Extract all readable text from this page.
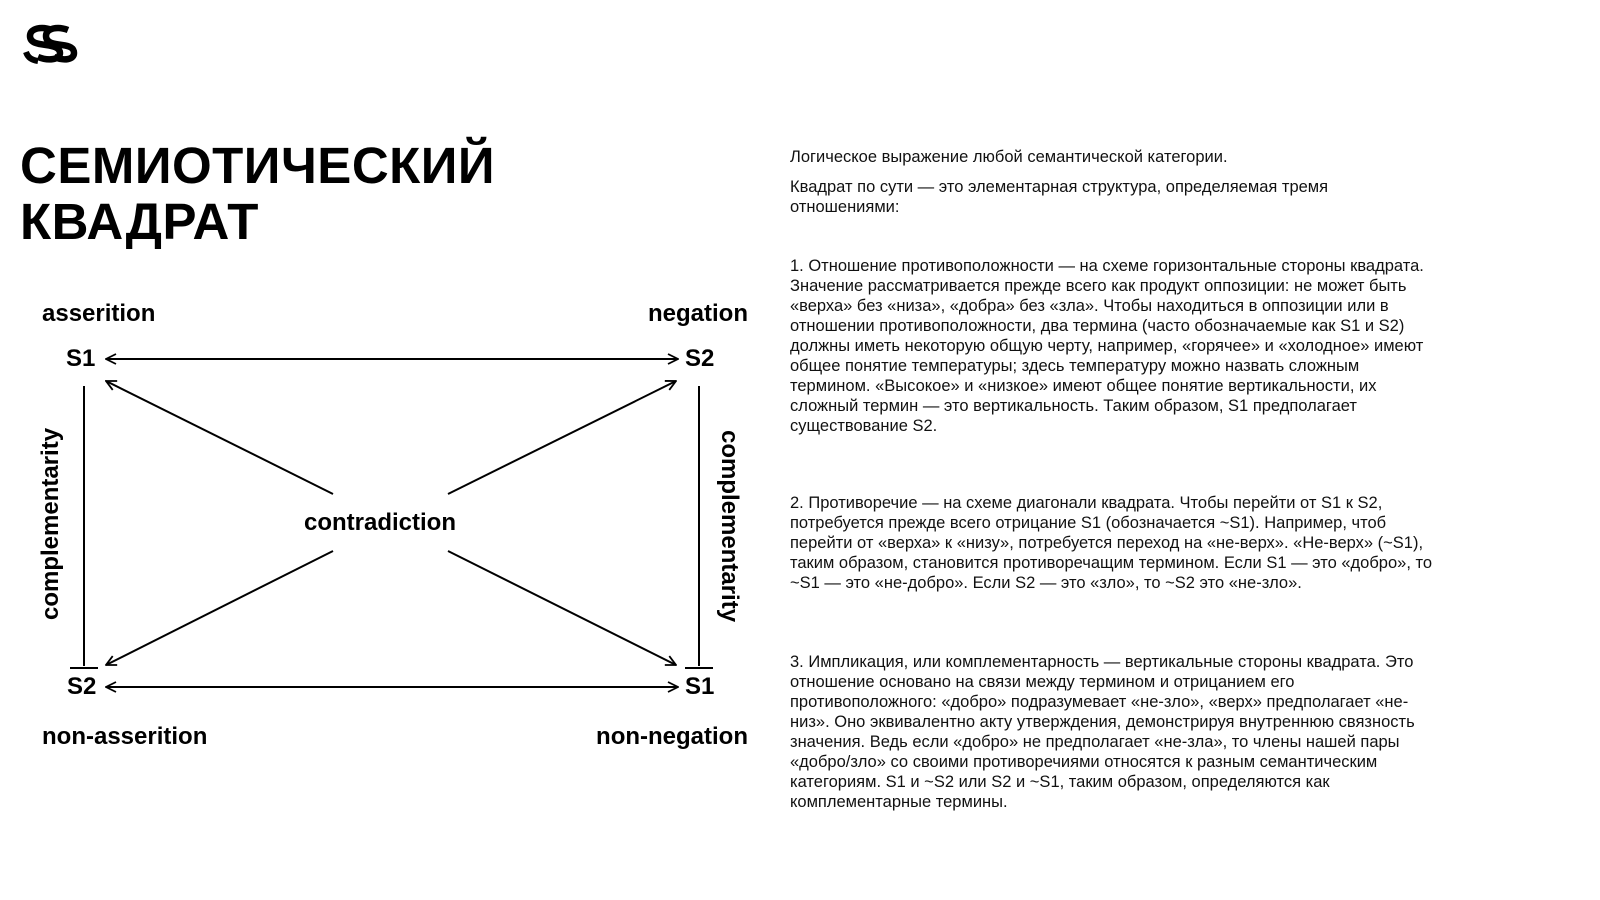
СЕМИОТИЧЕСКИЙ
КВАДРАТ
asserition	negation
non-asserition	non-negation
S1	S2
S2	S1
contradiction
complementarity	complementarity

Логическое выражение любой семантической категории.

Квадрат по сути — это элементарная структура, определяемая тремя отношениями:

1. Отношение противоположности — на схеме горизонтальные стороны квадрата. Значение рассматривается прежде всего как продукт оппозиции: не может быть «верха» без «низа», «добра» без «зла». Чтобы находиться в оппозиции или в отношении противоположности, два термина (часто обозначаемые как S1 и S2) должны иметь некоторую общую черту, например, «горячее» и «холодное» имеют общее понятие температуры; здесь температуру можно назвать сложным термином. «Высокое» и «низкое» имеют общее понятие вертикальности, их сложный термин — это вертикальность. Таким образом, S1 предполагает существование S2.

2. Противоречие — на схеме диагонали квадрата. Чтобы перейти от S1 к S2, потребуется прежде всего отрицание S1 (обозначается ~S1). Например, чтоб перейти от «верха» к «низу», потребуется переход на «не-верх». «Не-верх» (~S1), таким образом, становится противоречащим термином. Если S1 — это «добро», то ~S1 — это «не-добро». Если S2 — это «зло», то ~S2 это «не-зло».

3. Импликация, или комплементарность — вертикальные стороны квадрата. Это отношение основано на связи между термином и отрицанием его противоположного: «добро» подразумевает «не-зло», «верх» предполагает «не-низ». Оно эквивалентно акту утверждения, демонстрируя внутреннюю связность значения. Ведь если «добро» не предполагает «не-зла», то члены нашей пары «добро/зло» со своими противоречиями относятся к разным семантическим категориям. S1 и ~S2 или S2 и ~S1, таким образом, определяются как комплементарные термины.
